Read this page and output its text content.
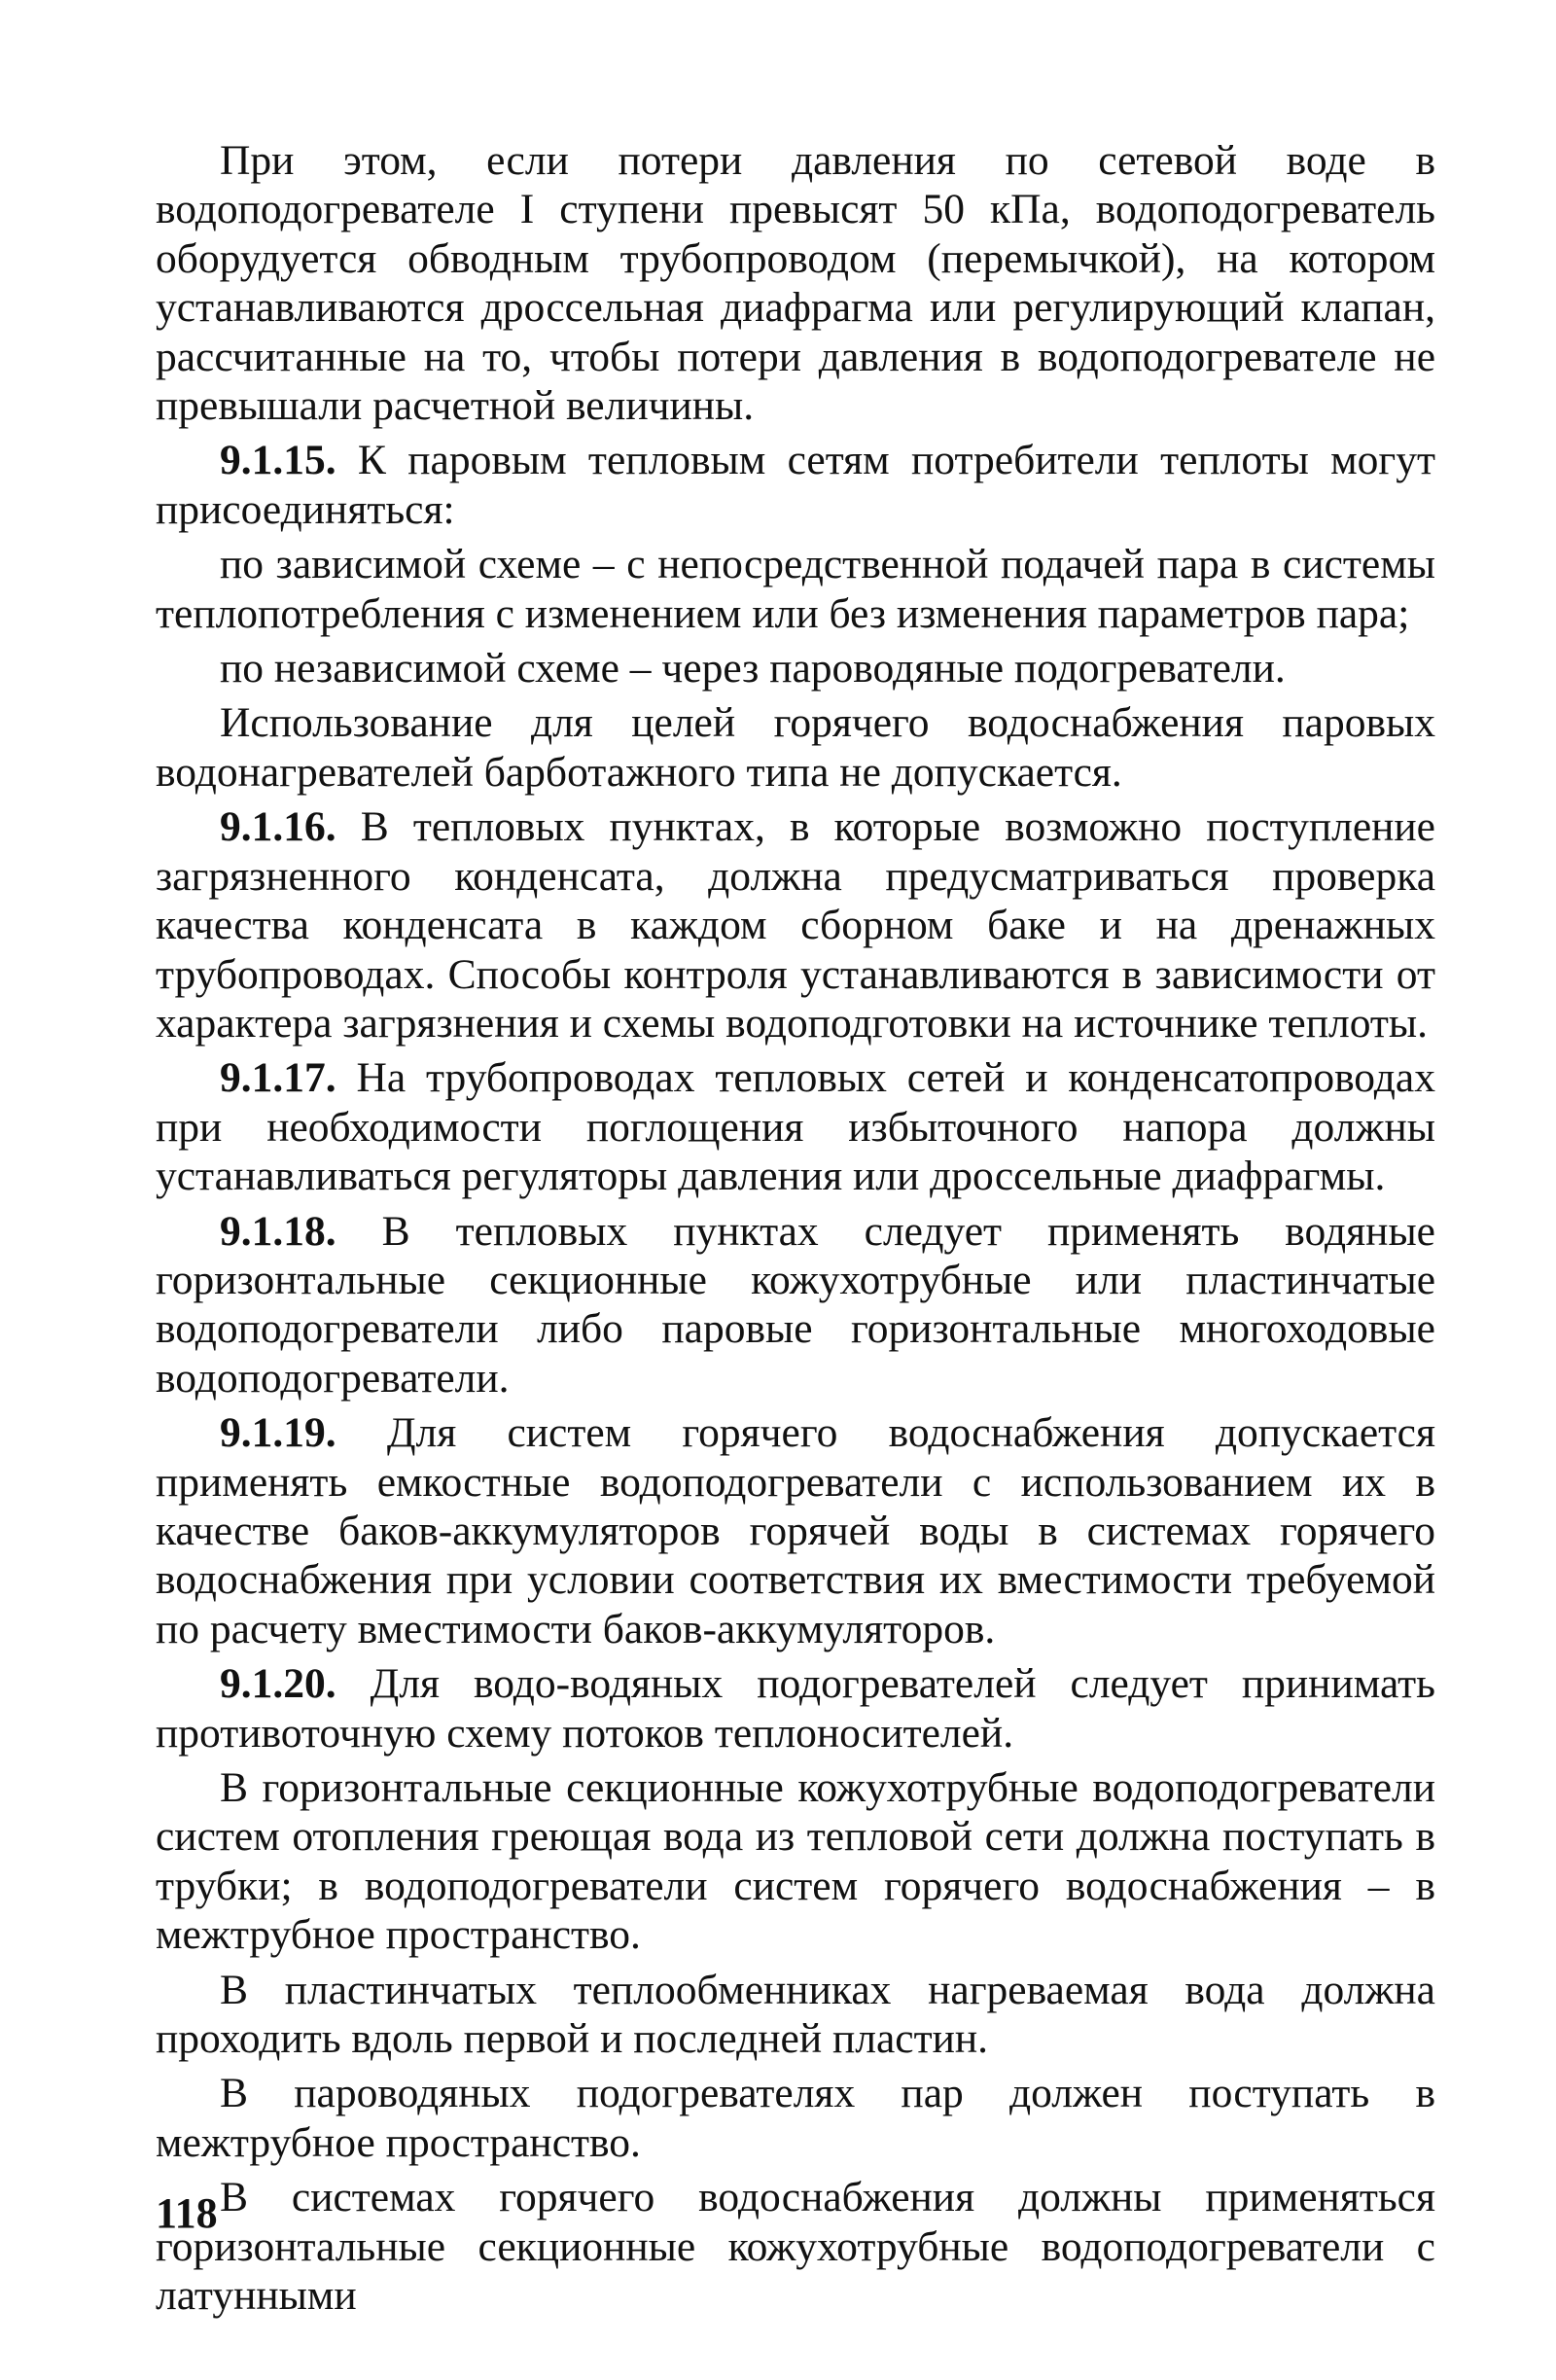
При этом, если потери давления по сетевой воде в водоподогревателе I ступени превысят 50 кПа, водоподогреватель оборудуется обводным трубопроводом (перемычкой), на котором устанавливаются дроссельная диафрагма или регулирующий клапан, рассчитанные на то, чтобы потери давления в водоподогревателе не превышали расчетной величины.

9.1.15. К паровым тепловым сетям потребители теплоты могут присоединяться:

по зависимой схеме – с непосредственной подачей пара в системы теплопотребления с изменением или без изменения параметров пара;

по независимой схеме – через пароводяные подогреватели.

Использование для целей горячего водоснабжения паровых водонагревателей барботажного типа не допускается.

9.1.16. В тепловых пунктах, в которые возможно поступление загрязненного конденсата, должна предусматриваться проверка качества конденсата в каждом сборном баке и на дренажных трубопроводах. Способы контроля устанавливаются в зависимости от характера загрязнения и схемы водоподготовки на источнике теплоты.

9.1.17. На трубопроводах тепловых сетей и конденсатопроводах при необходимости поглощения избыточного напора должны устанавливаться регуляторы давления или дроссельные диафрагмы.

9.1.18. В тепловых пунктах следует применять водяные горизонтальные секционные кожухотрубные или пластинчатые водоподогреватели либо паровые горизонтальные многоходовые водоподогреватели.

9.1.19. Для систем горячего водоснабжения допускается применять емкостные водоподогреватели с использованием их в качестве баков-аккумуляторов горячей воды в системах горячего водоснабжения при условии соответствия их вместимости требуемой по расчету вместимости баков-аккумуляторов.

9.1.20. Для водо-водяных подогревателей следует принимать противоточную схему потоков теплоносителей.

В горизонтальные секционные кожухотрубные водоподогреватели систем отопления греющая вода из тепловой сети должна поступать в трубки; в водоподогреватели систем горячего водоснабжения – в межтрубное пространство.

В пластинчатых теплообменниках нагреваемая вода должна проходить вдоль первой и последней пластин.

В пароводяных подогревателях пар должен поступать в межтрубное пространство.

В системах горячего водоснабжения должны применяться горизонтальные секционные кожухотрубные водоподогреватели с латунными

118
